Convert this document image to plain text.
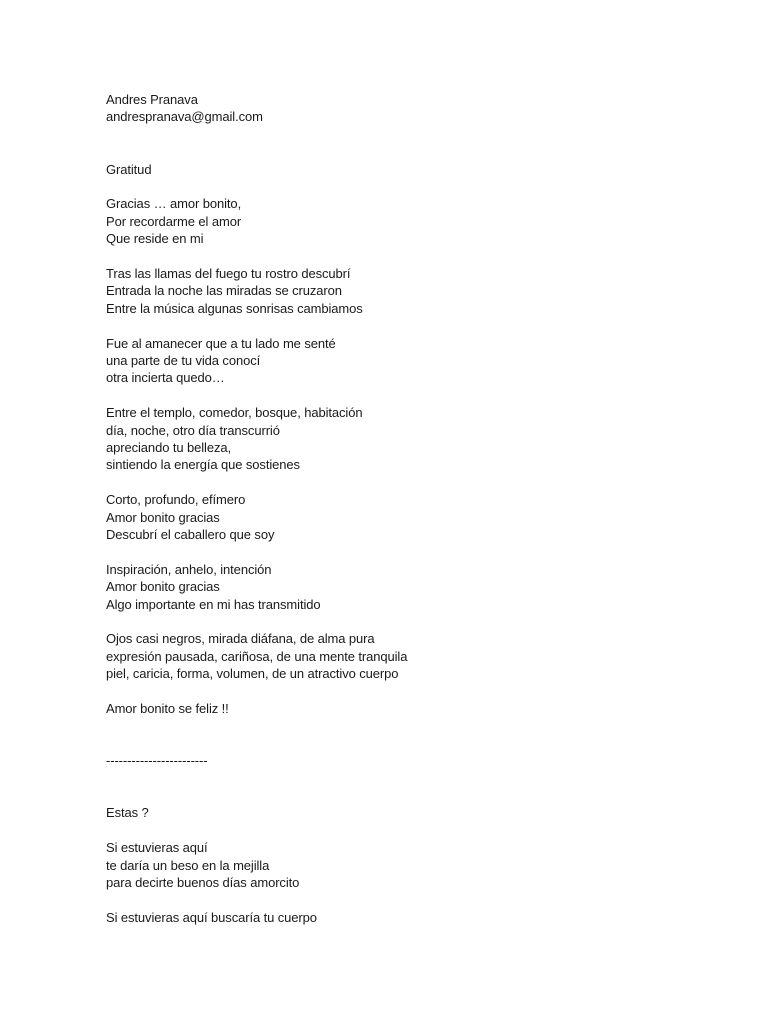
Andres Pranava
andrespranava@gmail.com
Gratitud
Gracias … amor bonito,
Por recordarme el amor
Que reside en mi
Tras las llamas del fuego tu rostro descubrí
Entrada la noche las miradas se cruzaron
Entre la música algunas sonrisas cambiamos
Fue al amanecer que a tu lado me senté
una parte de tu vida conocí
otra incierta quedo…
Entre el templo, comedor, bosque, habitación
día, noche, otro día transcurrió
apreciando tu belleza,
sintiendo la energía que sostienes
Corto, profundo, efímero
Amor bonito gracias
Descubrí el caballero que soy
Inspiración, anhelo, intención
Amor bonito gracias
Algo importante en mi has transmitido
Ojos casi negros, mirada diáfana, de alma pura
expresión pausada, cariñosa, de una mente tranquila
piel, caricia, forma, volumen, de un atractivo cuerpo
Amor bonito se feliz !!
------------------------
Estas ?
Si estuvieras aquí
te daría un beso en la mejilla
para decirte buenos días amorcito
Si estuvieras aquí buscaría tu cuerpo
